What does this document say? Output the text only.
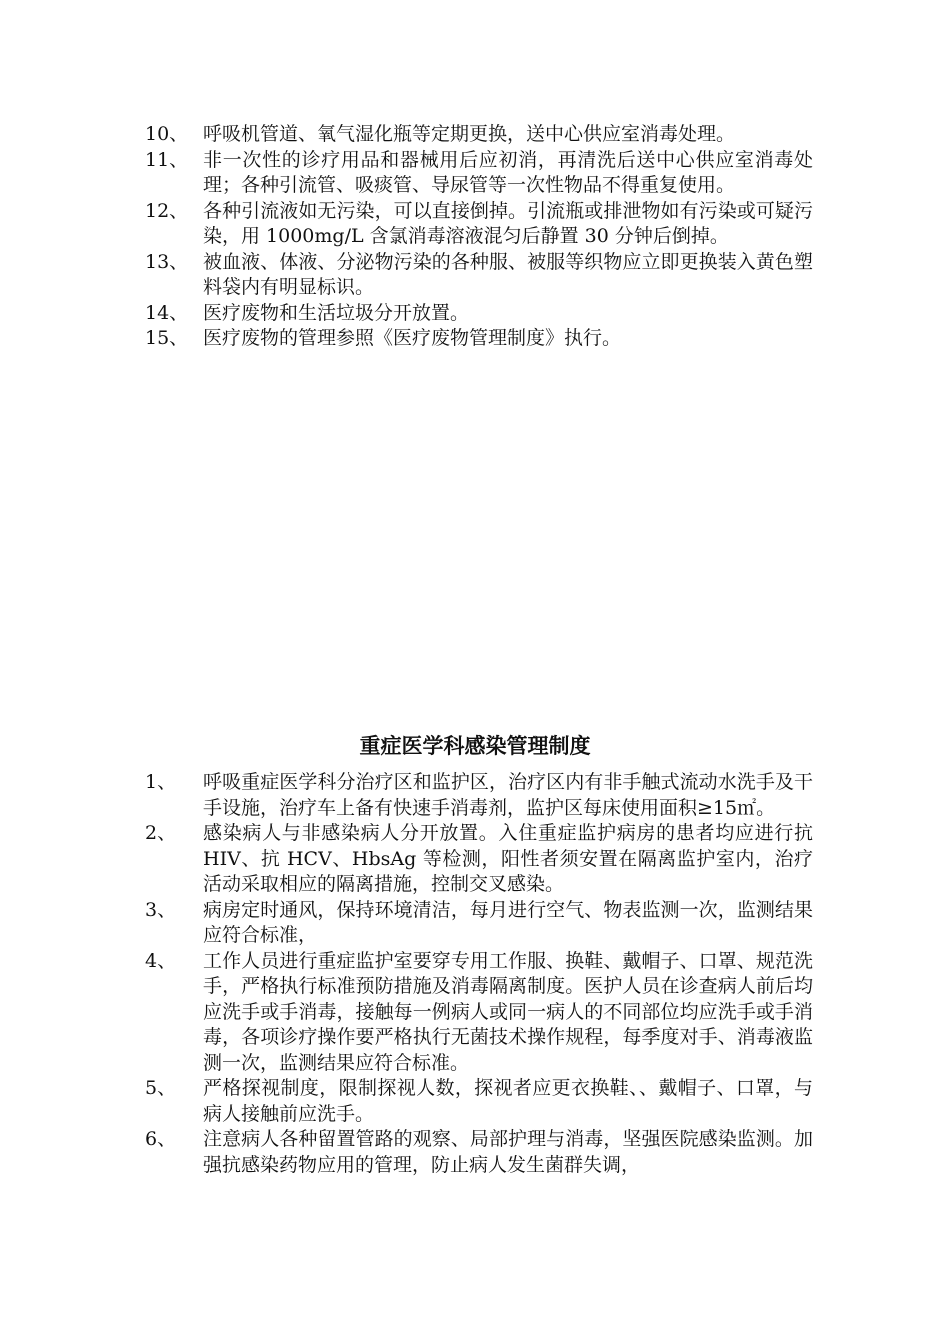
10、 呼吸机管道、氧气湿化瓶等定期更换，送中心供应室消毒处理。
11、 非一次性的诊疗用品和器械用后应初消，再清洗后送中心供应室消毒处理；各种引流管、吸痰管、导尿管等一次性物品不得重复使用。
12、 各种引流液如无污染，可以直接倒掉。引流瓶或排泄物如有污染或可疑污染，用 1000mg/L 含氯消毒溶液混匀后静置 30 分钟后倒掉。
13、 被血液、体液、分泌物污染的各种服、被服等织物应立即更换装入黄色塑料袋内有明显标识。
14、 医疗废物和生活垃圾分开放置。
15、 医疗废物的管理参照《医疗废物管理制度》执行。
重症医学科感染管理制度
1、 呼吸重症医学科分治疗区和监护区，治疗区内有非手触式流动水洗手及干手设施，治疗车上备有快速手消毒剂，监护区每床使用面积≥15㎡。
2、 感染病人与非感染病人分开放置。入住重症监护病房的患者均应进行抗 HIV、抗 HCV、HbsAg 等检测，阳性者须安置在隔离监护室内，治疗活动采取相应的隔离措施，控制交叉感染。
3、 病房定时通风，保持环境清洁，每月进行空气、物表监测一次，监测结果应符合标准，
4、 工作人员进行重症监护室要穿专用工作服、换鞋、戴帽子、口罩、规范洗手，严格执行标准预防措施及消毒隔离制度。医护人员在诊查病人前后均应洗手或手消毒，接触每一例病人或同一病人的不同部位均应洗手或手消毒，各项诊疗操作要严格执行无菌技术操作规程，每季度对手、消毒液监测一次，监测结果应符合标准。
5、 严格探视制度，限制探视人数，探视者应更衣换鞋、、戴帽子、口罩，与病人接触前应洗手。
6、 注意病人各种留置管路的观察、局部护理与消毒，坚强医院感染监测。加强抗感染药物应用的管理，防止病人发生菌群失调，
